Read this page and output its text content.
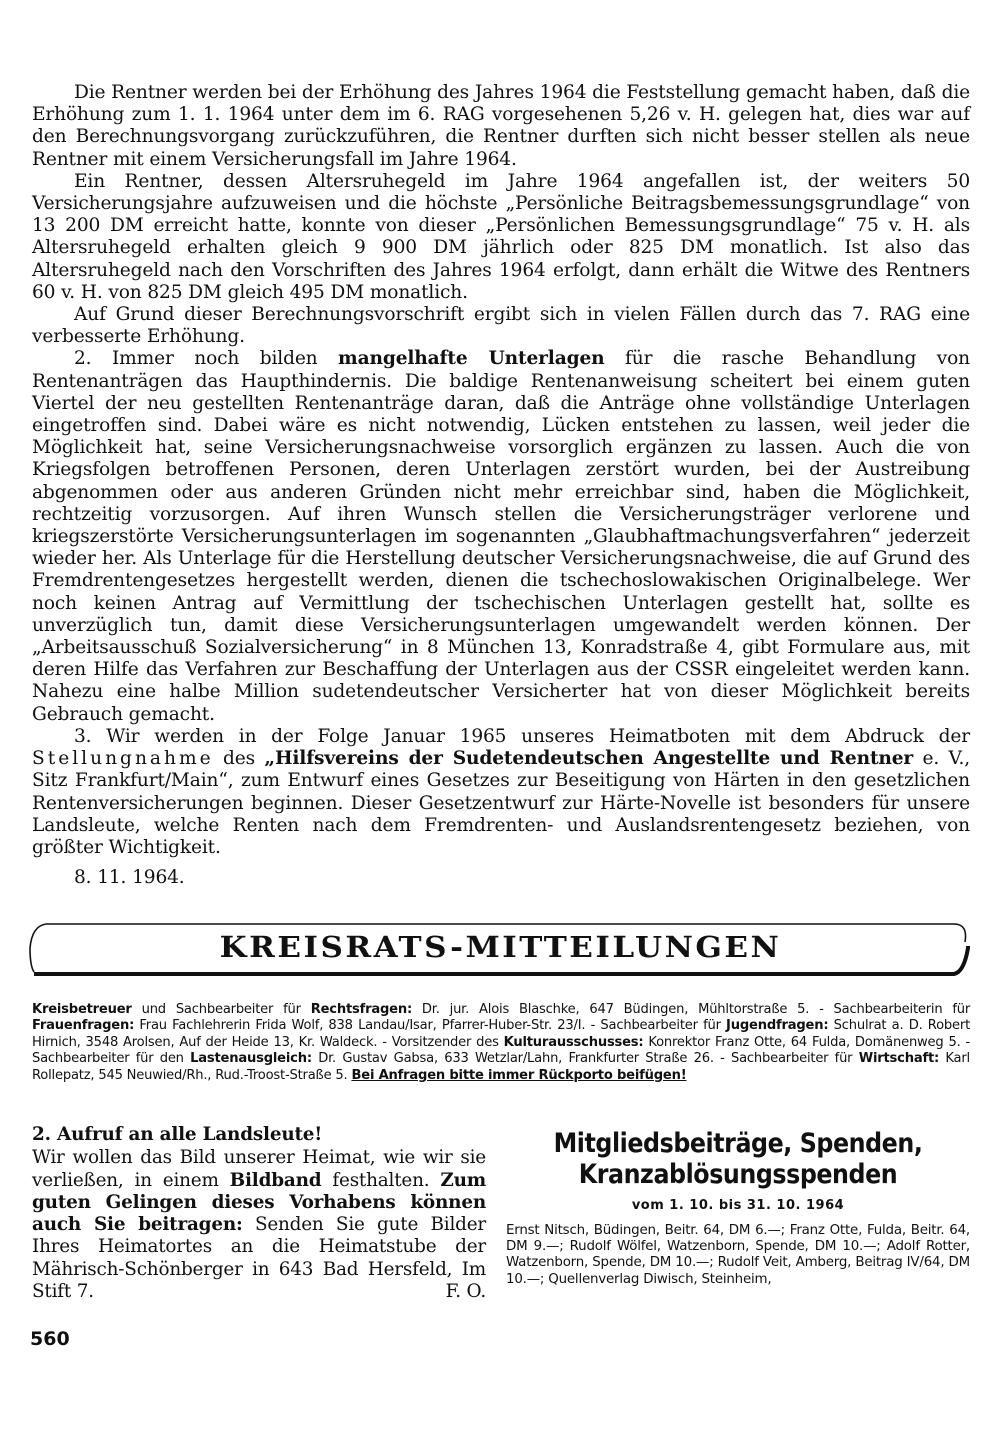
Die Rentner werden bei der Erhöhung des Jahres 1964 die Feststellung gemacht haben, daß die Erhöhung zum 1. 1. 1964 unter dem im 6. RAG vorgesehenen 5,26 v. H. gelegen hat, dies war auf den Berechnungsvorgang zurückzuführen, die Rentner durften sich nicht besser stellen als neue Rentner mit einem Versicherungsfall im Jahre 1964.

Ein Rentner, dessen Altersruhegeld im Jahre 1964 angefallen ist, der weiters 50 Versicherungsjahre aufzuweisen und die höchste „Persönliche Beitragsbemessungsgrundlage“ von 13 200 DM erreicht hatte, konnte von dieser „Persönlichen Bemessungsgrundlage“ 75 v. H. als Altersruhegeld erhalten gleich 9 900 DM jährlich oder 825 DM monatlich. Ist also das Altersruhegeld nach den Vorschriften des Jahres 1964 erfolgt, dann erhält die Witwe des Rentners 60 v. H. von 825 DM gleich 495 DM monatlich.

Auf Grund dieser Berechnungsvorschrift ergibt sich in vielen Fällen durch das 7. RAG eine verbesserte Erhöhung.

2. Immer noch bilden mangelhafte Unterlagen für die rasche Behandlung von Rentenanträgen das Haupthindernis. Die baldige Rentenanweisung scheitert bei einem guten Viertel der neu gestellten Rentenanträge daran, daß die Anträge ohne vollständige Unterlagen eingetroffen sind. Dabei wäre es nicht notwendig, Lücken entstehen zu lassen, weil jeder die Möglichkeit hat, seine Versicherungsnachweise vorsorglich ergänzen zu lassen. Auch die von Kriegsfolgen betroffenen Personen, deren Unterlagen zerstört wurden, bei der Austreibung abgenommen oder aus anderen Gründen nicht mehr erreichbar sind, haben die Möglichkeit, rechtzeitig vorzusorgen. Auf ihren Wunsch stellen die Versicherungsträger verlorene und kriegszerstörte Versicherungsunterlagen im sogenannten „Glaubhaftmachungsverfahren“ jederzeit wieder her. Als Unterlage für die Herstellung deutscher Versicherungsnachweise, die auf Grund des Fremdrentengesetzes hergestellt werden, dienen die tschechoslowakischen Originalbelege. Wer noch keinen Antrag auf Vermittlung der tschechischen Unterlagen gestellt hat, sollte es unverzüglich tun, damit diese Versicherungsunterlagen umgewandelt werden können. Der „Arbeitsausschuß Sozialversicherung“ in 8 München 13, Konradstraße 4, gibt Formulare aus, mit deren Hilfe das Verfahren zur Beschaffung der Unterlagen aus der CSSR eingeleitet werden kann. Nahezu eine halbe Million sudetendeutscher Versicherter hat von dieser Möglichkeit bereits Gebrauch gemacht.

3. Wir werden in der Folge Januar 1965 unseres Heimatboten mit dem Abdruck der Stellungnahme des „Hilfsvereins der Sudetendeutschen Angestellte und Rentner e. V., Sitz Frankfurt/Main“, zum Entwurf eines Gesetzes zur Beseitigung von Härten in den gesetzlichen Rentenversicherungen beginnen. Dieser Gesetzentwurf zur Härte-Novelle ist besonders für unsere Landsleute, welche Renten nach dem Fremdrenten- und Auslandsrentengesetz beziehen, von größter Wichtigkeit.

8. 11. 1964.

KREISRATS-MITTEILUNGEN
Kreisbetreuer und Sachbearbeiter für Rechtsfragen: Dr. jur. Alois Blaschke, 647 Büdingen, Mühltorstraße 5. - Sachbearbeiterin für Frauenfragen: Frau Fachlehrerin Frida Wolf, 838 Landau/Isar, Pfarrer-Huber-Str. 23/I. - Sachbearbeiter für Jugendfragen: Schulrat a. D. Robert Hirnich, 3548 Arolsen, Auf der Heide 13, Kr. Waldeck. - Vorsitzender des Kulturausschusses: Konrektor Franz Otte, 64 Fulda, Domänenweg 5. - Sachbearbeiter für den Lastenausgleich: Dr. Gustav Gabsa, 633 Wetzlar/Lahn, Frankfurter Straße 26. - Sachbearbeiter für Wirtschaft: Karl Rollepatz, 545 Neuwied/Rh., Rud.-Troost-Straße 5. Bei Anfragen bitte immer Rückporto beifügen!
2. Aufruf an alle Landsleute!
Wir wollen das Bild unserer Heimat, wie wir sie verließen, in einem Bildband festhalten. Zum guten Gelingen dieses Vorhabens können auch Sie beitragen: Senden Sie gute Bilder Ihres Heimatortes an die Heimatstube der Mährisch-Schönberger in 643 Bad Hersfeld, Im Stift 7.	F. O.
Mitgliedsbeiträge, Spenden,
Kranzablösungsspenden
vom 1. 10. bis 31. 10. 1964
Ernst Nitsch, Büdingen, Beitr. 64, DM 6.—; Franz Otte, Fulda, Beitr. 64, DM 9.—; Rudolf Wölfel, Watzenborn, Spende, DM 10.—; Adolf Rotter, Watzenborn, Spende, DM 10.—; Rudolf Veit, Amberg, Beitrag IV/64, DM 10.—; Quellenverlag Diwisch, Steinheim,
560
